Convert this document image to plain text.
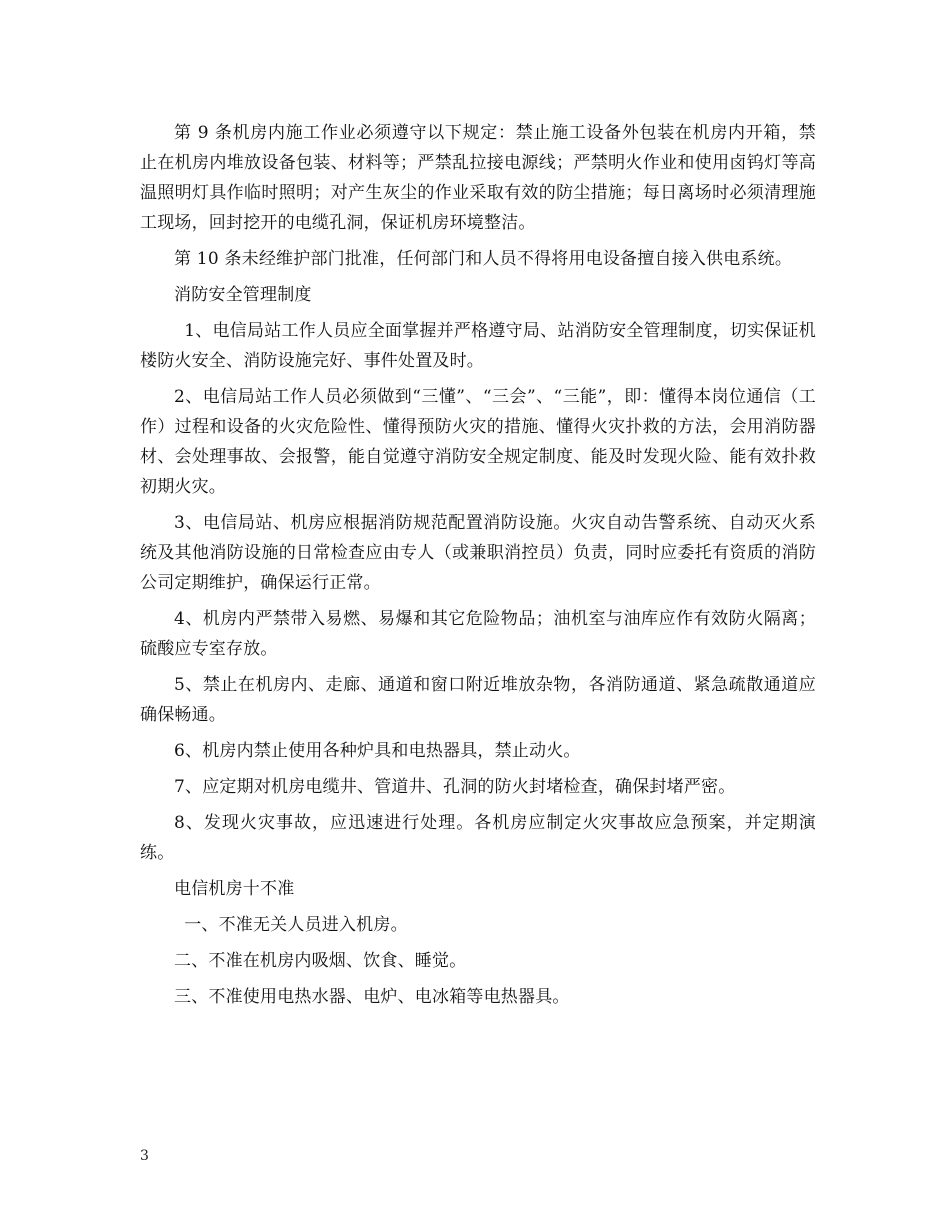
第 9 条机房内施工作业必须遵守以下规定：禁止施工设备外包装在机房内开箱，禁 止在机房内堆放设备包装、材料等；严禁乱拉接电源线；严禁明火作业和使用卤钨灯等高温照明灯具作临时照明；对产生灰尘的作业采取有效的防尘措施；每日离场时必须清理施工现场，回封挖开的电缆孔洞，保证机房环境整洁。

第 10 条未经维护部门批准，任何部门和人员不得将用电设备擅自接入供电系统。

消防安全管理制度

1、电信局站工作人员应全面掌握并严格遵守局、站消防安全管理制度，切实保证机楼防火安全、消防设施完好、事件处置及时。

2、电信局站工作人员必须做到“三懂”、“三会”、“三能”，即：懂得本岗位通信（工作）过程和设备的火灾危险性、懂得预防火灾的措施、懂得火灾扑救的方法，会用消防器材、会处理事故、会报警，能自觉遵守消防安全规定制度、能及时发现火险、能有效扑救初期火灾。

3、电信局站、机房应根据消防规范配置消防设施。火灾自动告警系统、自动灭火系统及其他消防设施的日常检查应由专人（或兼职消控员）负责，同时应委托有资质的消防公司定期维护，确保运行正常。

4、机房内严禁带入易燃、易爆和其它危险物品；油机室与油库应作有效防火隔离；硫酸应专室存放。

5、禁止在机房内、走廊、通道和窗口附近堆放杂物，各消防通道、紧急疏散通道应确保畅通。

6、机房内禁止使用各种炉具和电热器具，禁止动火。

7、应定期对机房电缆井、管道井、孔洞的防火封堵检查，确保封堵严密。

8、发现火灾事故，应迅速进行处理。各机房应制定火灾事故应急预案，并定期演练。

电信机房十不准

一、不准无关人员进入机房。

二、不准在机房内吸烟、饮食、睡觉。

三、不准使用电热水器、电炉、电冰箱等电热器具。

3
